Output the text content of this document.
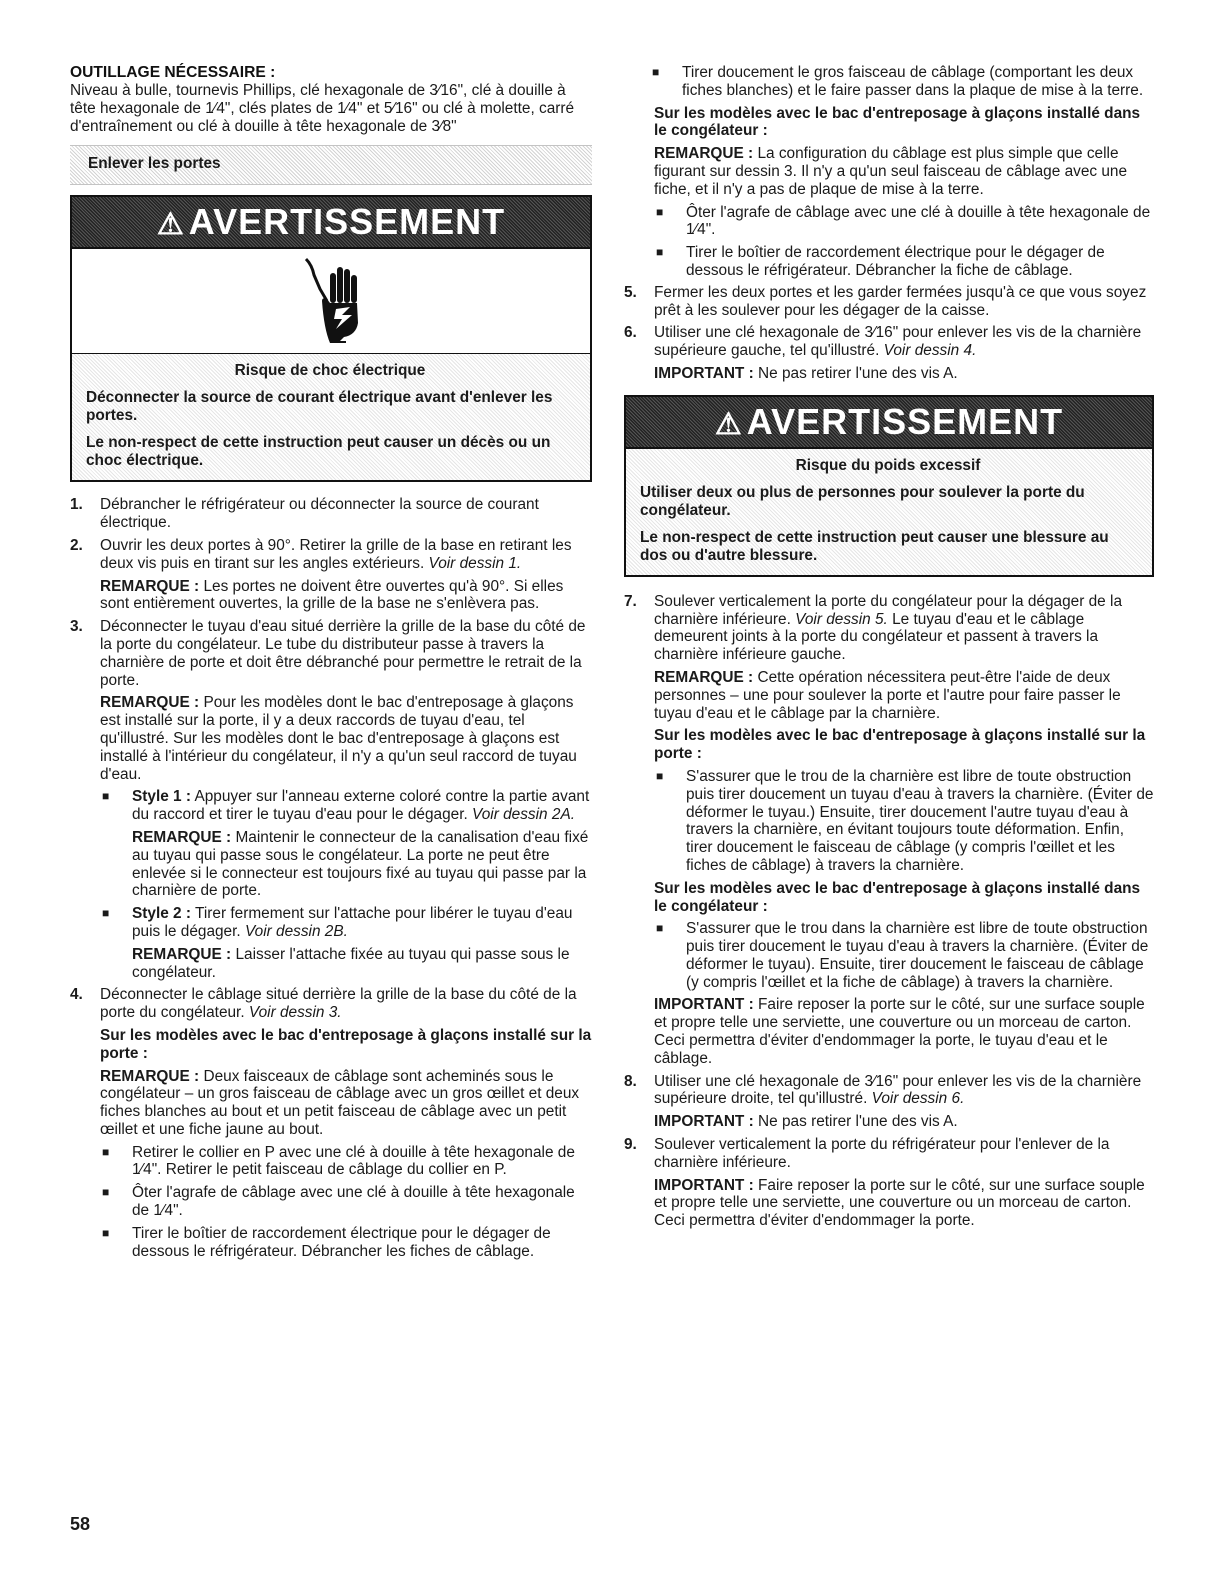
OUTILLAGE NÉCESSAIRE :

Niveau à bulle, tournevis Phillips, clé hexagonale de 3⁄16", clé à douille à tête hexagonale de 1⁄4", clés plates de 1⁄4" et 5⁄16" ou clé à molette, carré d'entraînement ou clé à douille à tête hexagonale de 3⁄8"

Enlever les portes
⚠ AVERTISSEMENT

Risque de choc électrique

Déconnecter la source de courant électrique avant d'enlever les portes.

Le non-respect de cette instruction peut causer un décès ou un choc électrique.

1.	Débrancher le réfrigérateur ou déconnecter la source de courant électrique.

2.	Ouvrir les deux portes à 90°. Retirer la grille de la base en retirant les deux vis puis en tirant sur les angles extérieurs. Voir dessin 1.

REMARQUE : Les portes ne doivent être ouvertes qu'à 90°. Si elles sont entièrement ouvertes, la grille de la base ne s'enlèvera pas.

3.	Déconnecter le tuyau d'eau situé derrière la grille de la base du côté de la porte du congélateur. Le tube du distributeur passe à travers la charnière de porte et doit être débranché pour permettre le retrait de la porte.

REMARQUE : Pour les modèles dont le bac d'entreposage à glaçons est installé sur la porte, il y a deux raccords de tuyau d'eau, tel qu'illustré. Sur les modèles dont le bac d'entreposage à glaçons est installé à l'intérieur du congélateur, il n'y a qu'un seul raccord de tuyau d'eau.

■	Style 1 : Appuyer sur l'anneau externe coloré contre la partie avant du raccord et tirer le tuyau d'eau pour le dégager. Voir dessin 2A.

REMARQUE : Maintenir le connecteur de la canalisation d'eau fixé au tuyau qui passe sous le congélateur. La porte ne peut être enlevée si le connecteur est toujours fixé au tuyau qui passe par la charnière de porte.

■	Style 2 : Tirer fermement sur l'attache pour libérer le tuyau d'eau puis le dégager. Voir dessin 2B.

REMARQUE : Laisser l'attache fixée au tuyau qui passe sous le congélateur.

4.	Déconnecter le câblage situé derrière la grille de la base du côté de la porte du congélateur. Voir dessin 3.

Sur les modèles avec le bac d'entreposage à glaçons installé sur la porte :

REMARQUE : Deux faisceaux de câblage sont acheminés sous le congélateur – un gros faisceau de câblage avec un gros œillet et deux fiches blanches au bout et un petit faisceau de câblage avec un petit œillet et une fiche jaune au bout.

■	Retirer le collier en P avec une clé à douille à tête hexagonale de 1⁄4". Retirer le petit faisceau de câblage du collier en P.

■	Ôter l'agrafe de câblage avec une clé à douille à tête hexagonale de 1⁄4".

■	Tirer le boîtier de raccordement électrique pour le dégager de dessous le réfrigérateur. Débrancher les fiches de câblage.

■	Tirer doucement le gros faisceau de câblage (comportant les deux fiches blanches) et le faire passer dans la plaque de mise à la terre.

Sur les modèles avec le bac d'entreposage à glaçons installé dans le congélateur :

REMARQUE : La configuration du câblage est plus simple que celle figurant sur dessin 3. Il n'y a qu'un seul faisceau de câblage avec une fiche, et il n'y a pas de plaque de mise à la terre.

■	Ôter l'agrafe de câblage avec une clé à douille à tête hexagonale de 1⁄4".

■	Tirer le boîtier de raccordement électrique pour le dégager de dessous le réfrigérateur. Débrancher la fiche de câblage.

5.	Fermer les deux portes et les garder fermées jusqu'à ce que vous soyez prêt à les soulever pour les dégager de la caisse.

6.	Utiliser une clé hexagonale de 3⁄16" pour enlever les vis de la charnière supérieure gauche, tel qu'illustré. Voir dessin 4.

IMPORTANT : Ne pas retirer l'une des vis A.

⚠ AVERTISSEMENT

Risque du poids excessif

Utiliser deux ou plus de personnes pour soulever la porte du congélateur.

Le non-respect de cette instruction peut causer une blessure au dos ou d'autre blessure.

7.	Soulever verticalement la porte du congélateur pour la dégager de la charnière inférieure. Voir dessin 5. Le tuyau d'eau et le câblage demeurent joints à la porte du congélateur et passent à travers la charnière inférieure gauche.

REMARQUE : Cette opération nécessitera peut-être l'aide de deux personnes – une pour soulever la porte et l'autre pour faire passer le tuyau d'eau et le câblage par la charnière.

Sur les modèles avec le bac d'entreposage à glaçons installé sur la porte :

■	S'assurer que le trou de la charnière est libre de toute obstruction puis tirer doucement un tuyau d'eau à travers la charnière. (Éviter de déformer le tuyau.) Ensuite, tirer doucement l'autre tuyau d'eau à travers la charnière, en évitant toujours toute déformation. Enfin, tirer doucement le faisceau de câblage (y compris l'œillet et les fiches de câblage) à travers la charnière.

Sur les modèles avec le bac d'entreposage à glaçons installé dans le congélateur :

■	S'assurer que le trou dans la charnière est libre de toute obstruction puis tirer doucement le tuyau d'eau à travers la charnière. (Éviter de déformer le tuyau). Ensuite, tirer doucement le faisceau de câblage (y compris l'œillet et la fiche de câblage) à travers la charnière.

IMPORTANT : Faire reposer la porte sur le côté, sur une surface souple et propre telle une serviette, une couverture ou un morceau de carton. Ceci permettra d'éviter d'endommager la porte, le tuyau d'eau et le câblage.

8.	Utiliser une clé hexagonale de 3⁄16" pour enlever les vis de la charnière supérieure droite, tel qu'illustré. Voir dessin 6.

IMPORTANT : Ne pas retirer l'une des vis A.

9.	Soulever verticalement la porte du réfrigérateur pour l'enlever de la charnière inférieure.

IMPORTANT : Faire reposer la porte sur le côté, sur une surface souple et propre telle une serviette, une couverture ou un morceau de carton. Ceci permettra d'éviter d'endommager la porte.

58
